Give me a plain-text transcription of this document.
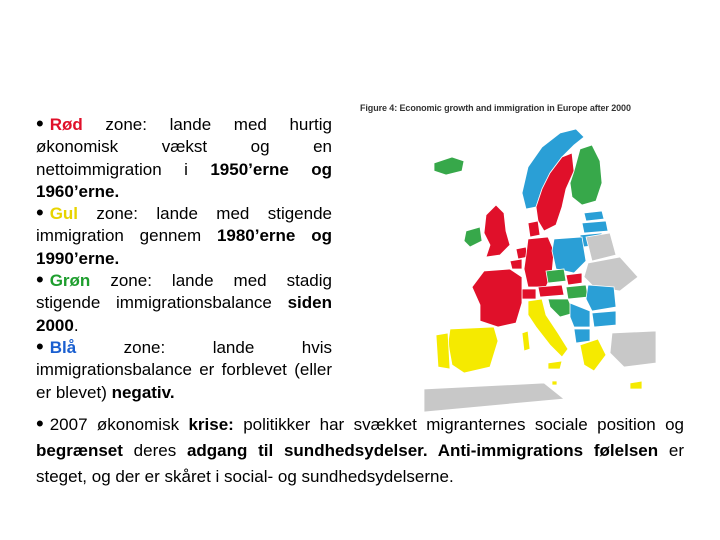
• Rød zone: lande med hurtig økonomisk vækst og en nettoimmigration i 1950’erne og 1960’erne.

• Gul zone: lande med stigende immigration gennem 1980’erne og 1990’erne.

• Grøn zone: lande med stadig stigende immigrationsbalance siden 2000.

• Blå zone: lande hvis immigrationsbalance er forblevet (eller er blevet) negativ.

• 2007 økonomisk krise: politikker har svækket migranternes sociale position og begrænset deres adgang til sundhedsydelser. Anti-immigrations følelsen er steget, og der er skåret i social- og sundhedsydelserne.

Figure 4: Economic growth and immigration in Europe after 2000
